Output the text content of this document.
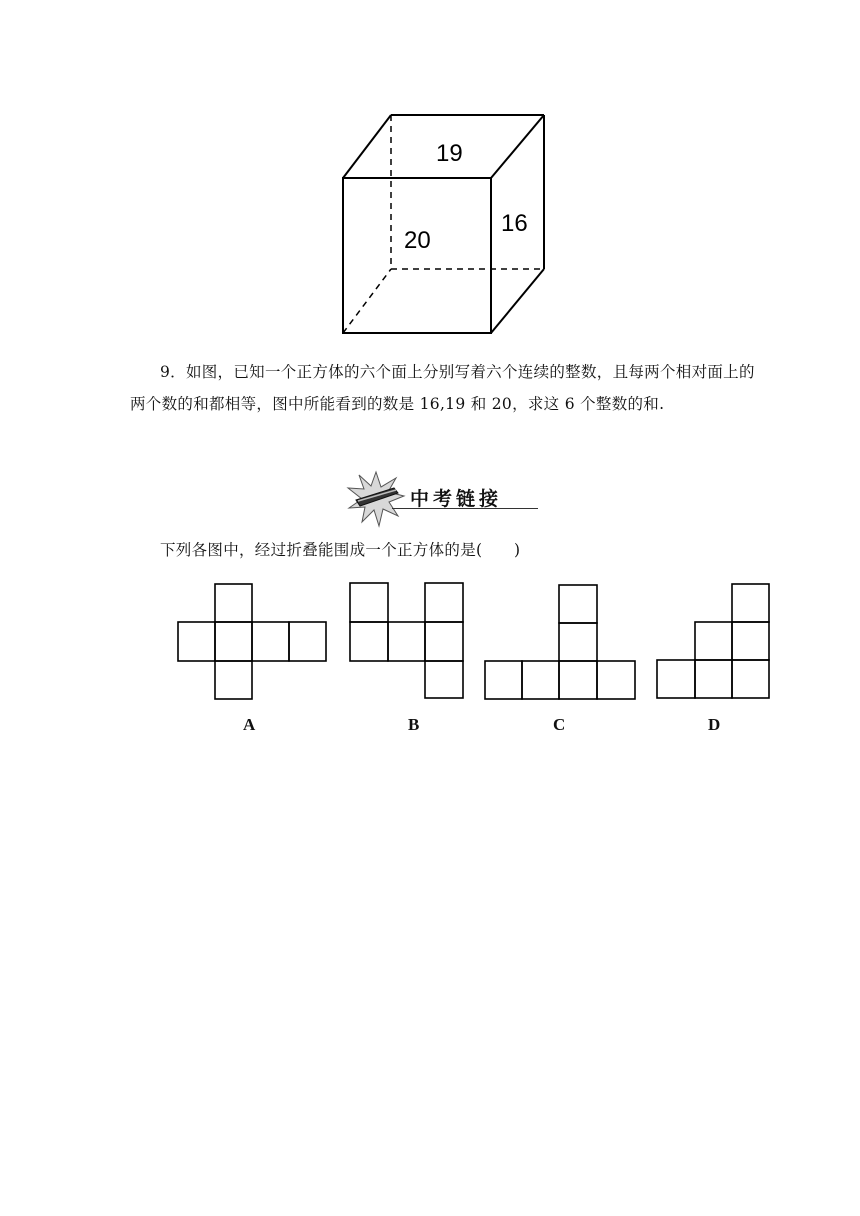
19
20
16
9．如图，已知一个正方体的六个面上分别写着六个连续的整数，且每两个相对面上的
两个数的和都相等，图中所能看到的数是 16,19 和 20，求这 6 个整数的和.
中考链接
下列各图中，经过折叠能围成一个正方体的是(　　)
A	B	C	D
